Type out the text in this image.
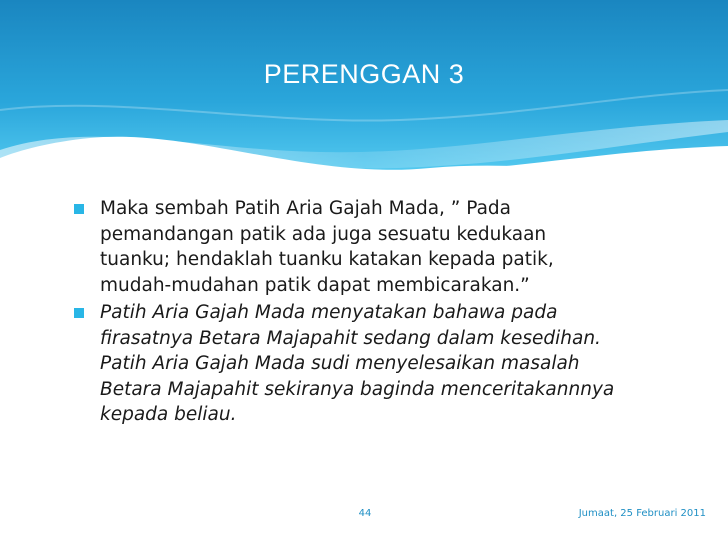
PERENGGAN 3
Maka sembah Patih Aria Gajah Mada, ” Pada
pemandangan patik ada juga sesuatu kedukaan
tuanku; hendaklah tuanku katakan kepada patik,
mudah-mudahan patik dapat membicarakan.”
Patih Aria Gajah Mada menyatakan bahawa pada
firasatnya Betara Majapahit sedang dalam kesedihan.
Patih Aria Gajah Mada sudi menyelesaikan masalah
Betara Majapahit sekiranya baginda menceritakannnya
kepada beliau.
44	Jumaat, 25 Februari 2011
